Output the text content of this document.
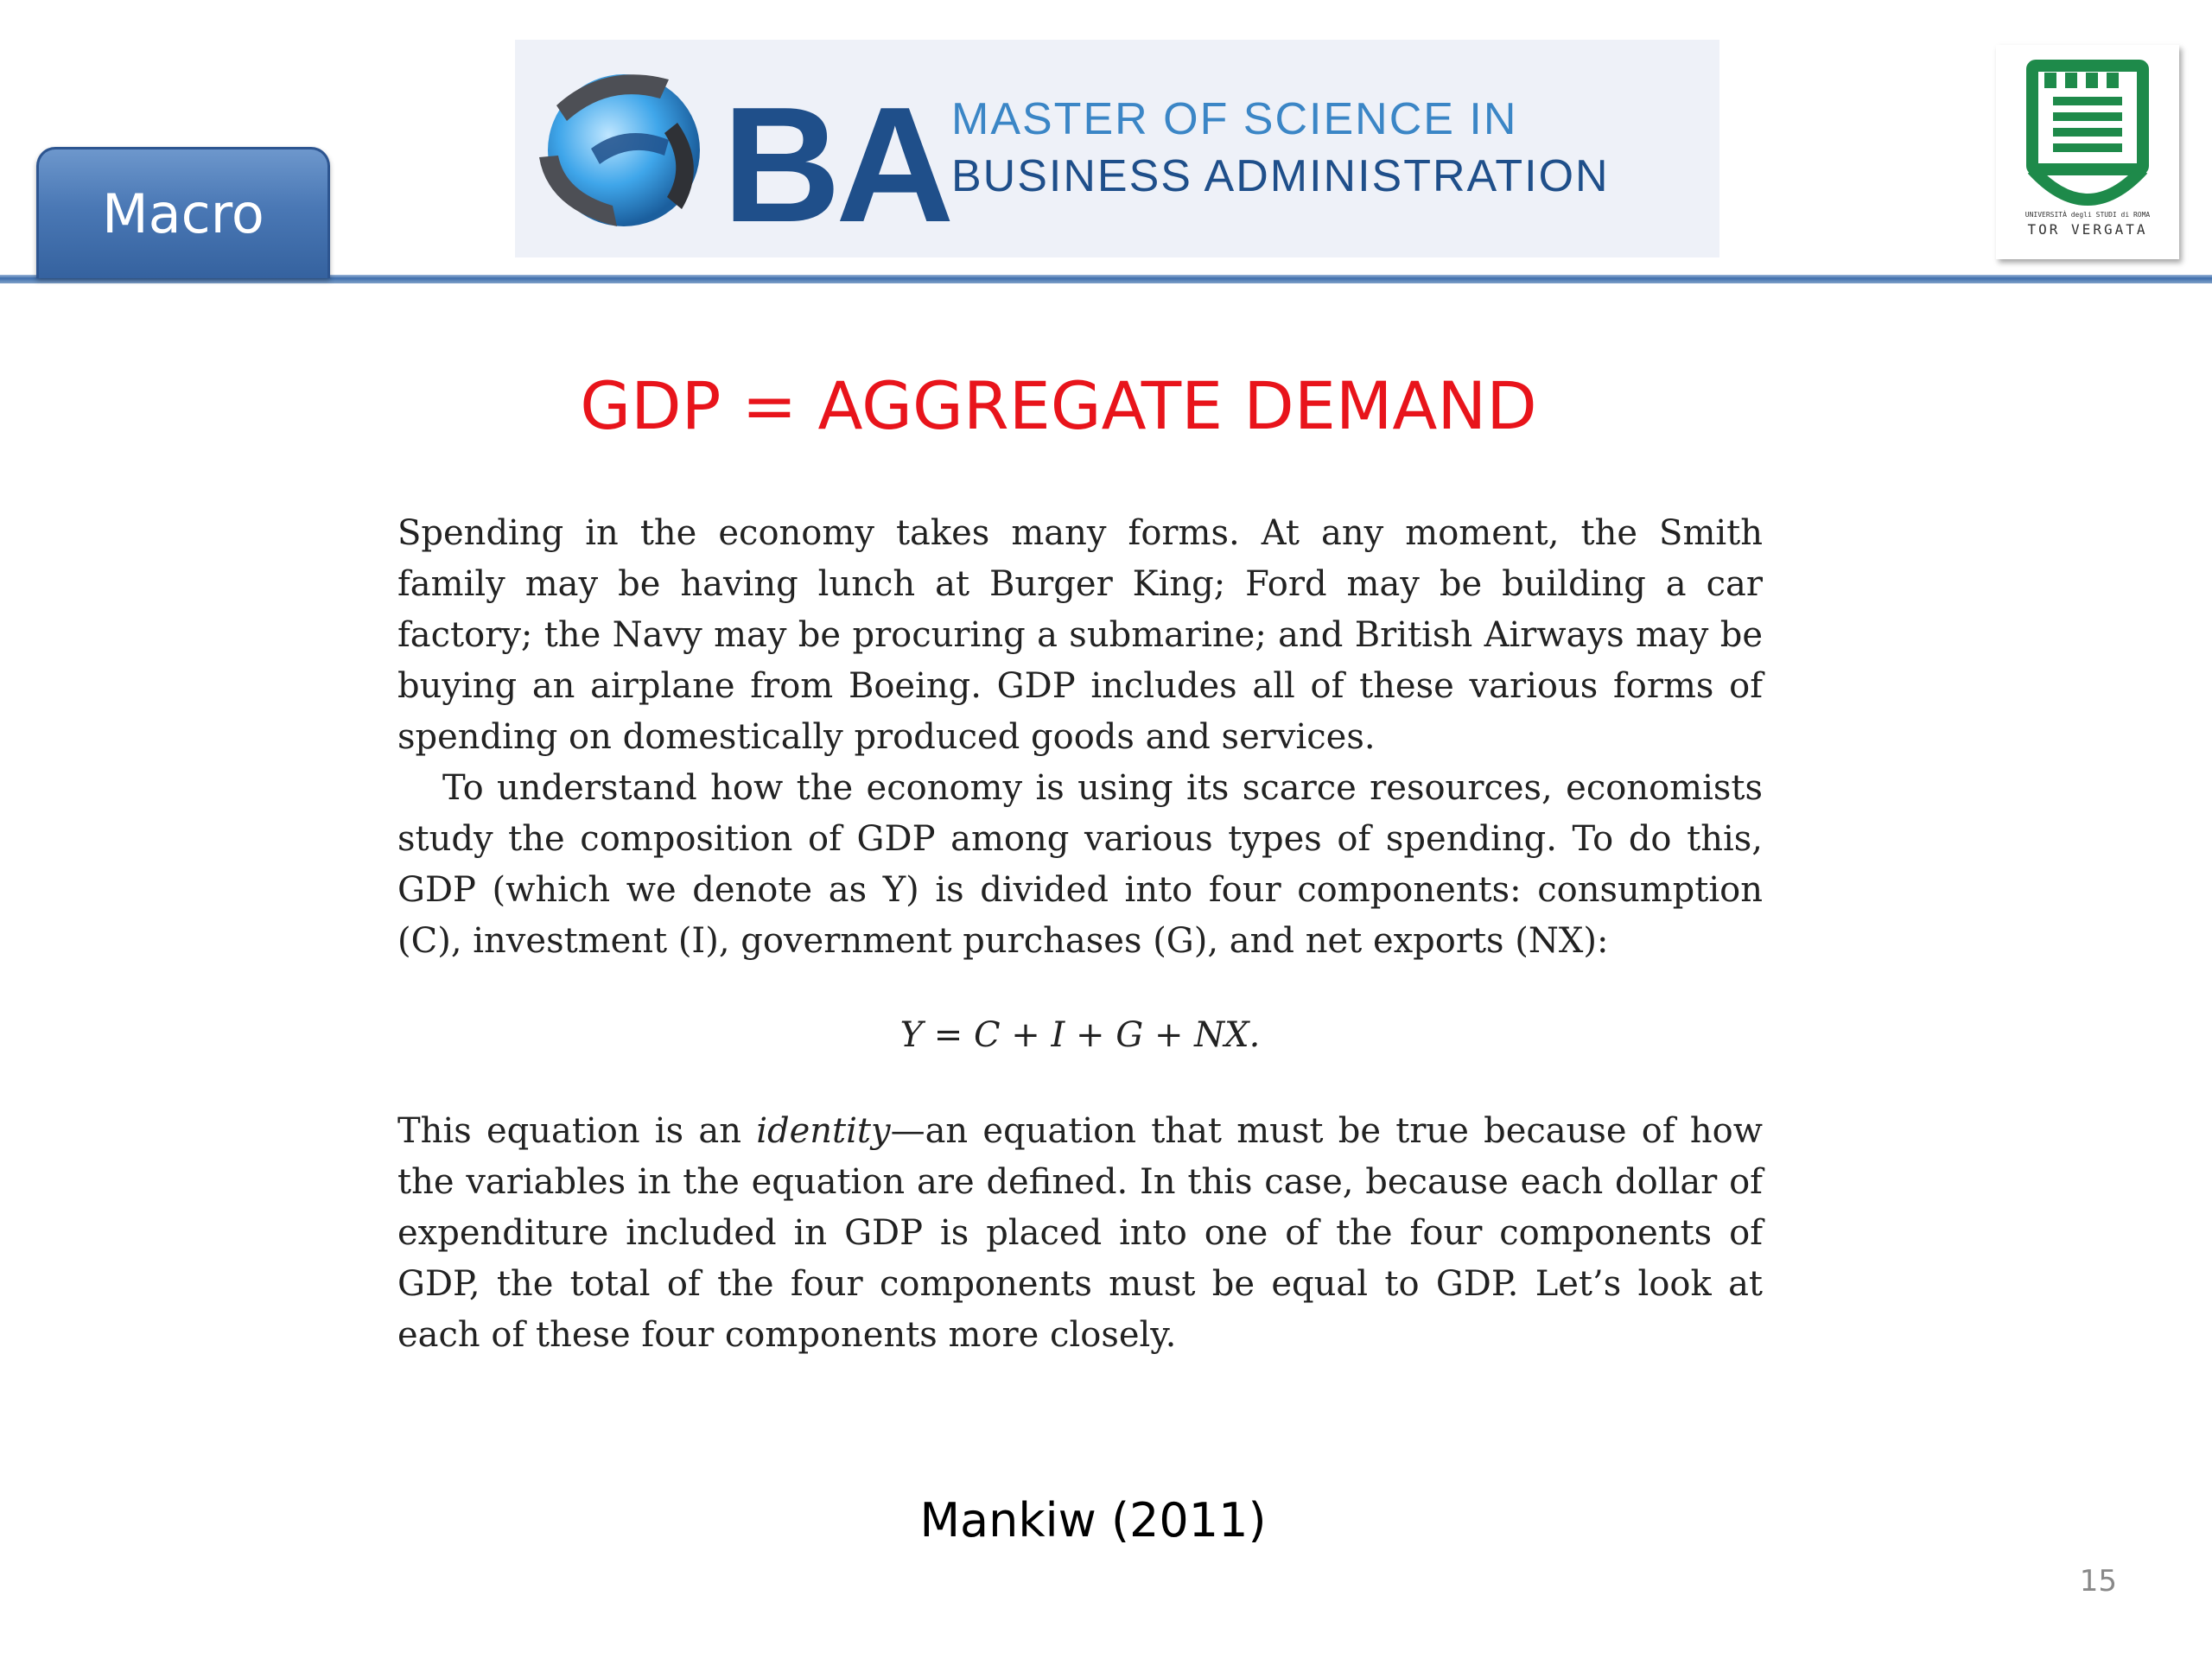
Macro	BA MASTER OF SCIENCE IN
BUSINESS ADMINISTRATION
UNIVERSITÀ degli STUDI di ROMA
TOR VERGATA
GDP = AGGREGATE DEMAND

Spending in the economy takes many forms. At any moment, the Smith family may be having lunch at Burger King; Ford may be building a car factory; the Navy may be procuring a submarine; and British Airways may be buying an airplane from Boeing. GDP includes all of these various forms of spending on domestically produced goods and services.

To understand how the economy is using its scarce resources, economists study the composition of GDP among various types of spending. To do this, GDP (which we denote as Y) is divided into four components: consumption (C), investment (I), government purchases (G), and net exports (NX):

Y = C + I + G + NX.

This equation is an identity—an equation that must be true because of how the variables in the equation are defined. In this case, because each dollar of expenditure included in GDP is placed into one of the four components of GDP, the total of the four components must be equal to GDP. Let’s look at each of these four components more closely.

Mankiw (2011)
15
